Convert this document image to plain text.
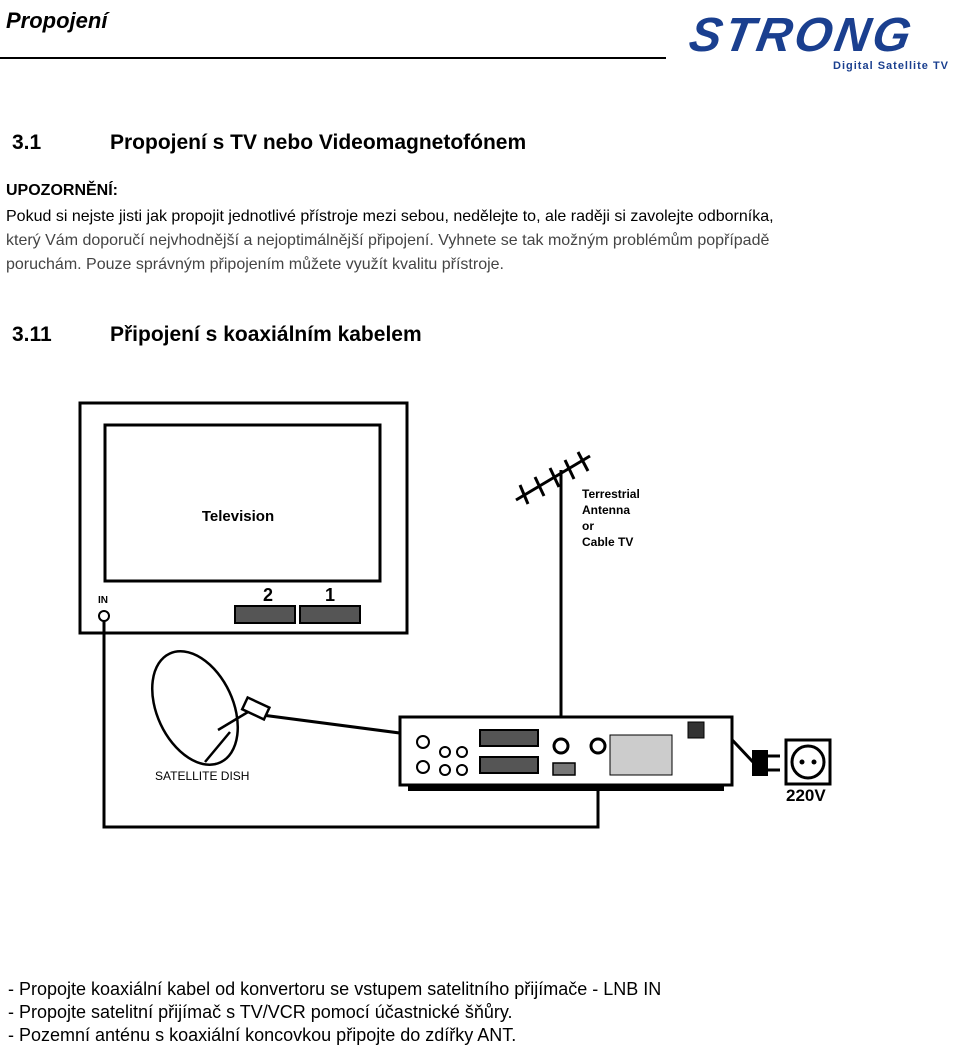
Propojení	STRONG
Digital Satellite TV
3.1	Propojení s TV nebo Videomagnetofónem
UPOZORNĚNÍ:
Pokud si nejste jisti jak propojit jednotlivé přístroje mezi sebou, nedělejte to, ale raději si zavolejte odborníka,
který Vám doporučí nejvhodnější a nejoptimálnější připojení. Vyhnete se tak možným problémům popřípadě
poruchám. Pouze správným připojením můžete využít kvalitu přístroje.
3.11	Připojení s koaxiálním kabelem
Television
2	1
IN
Terrestrial
Antenna
or
Cable TV
SATELLITE DISH
220V
- Propojte koaxiální kabel od konvertoru se vstupem satelitního přijímače - LNB IN
- Propojte satelitní přijímač s TV/VCR pomocí účastnické šňůry.
- Pozemní anténu s koaxiální koncovkou připojte do zdířky ANT.
